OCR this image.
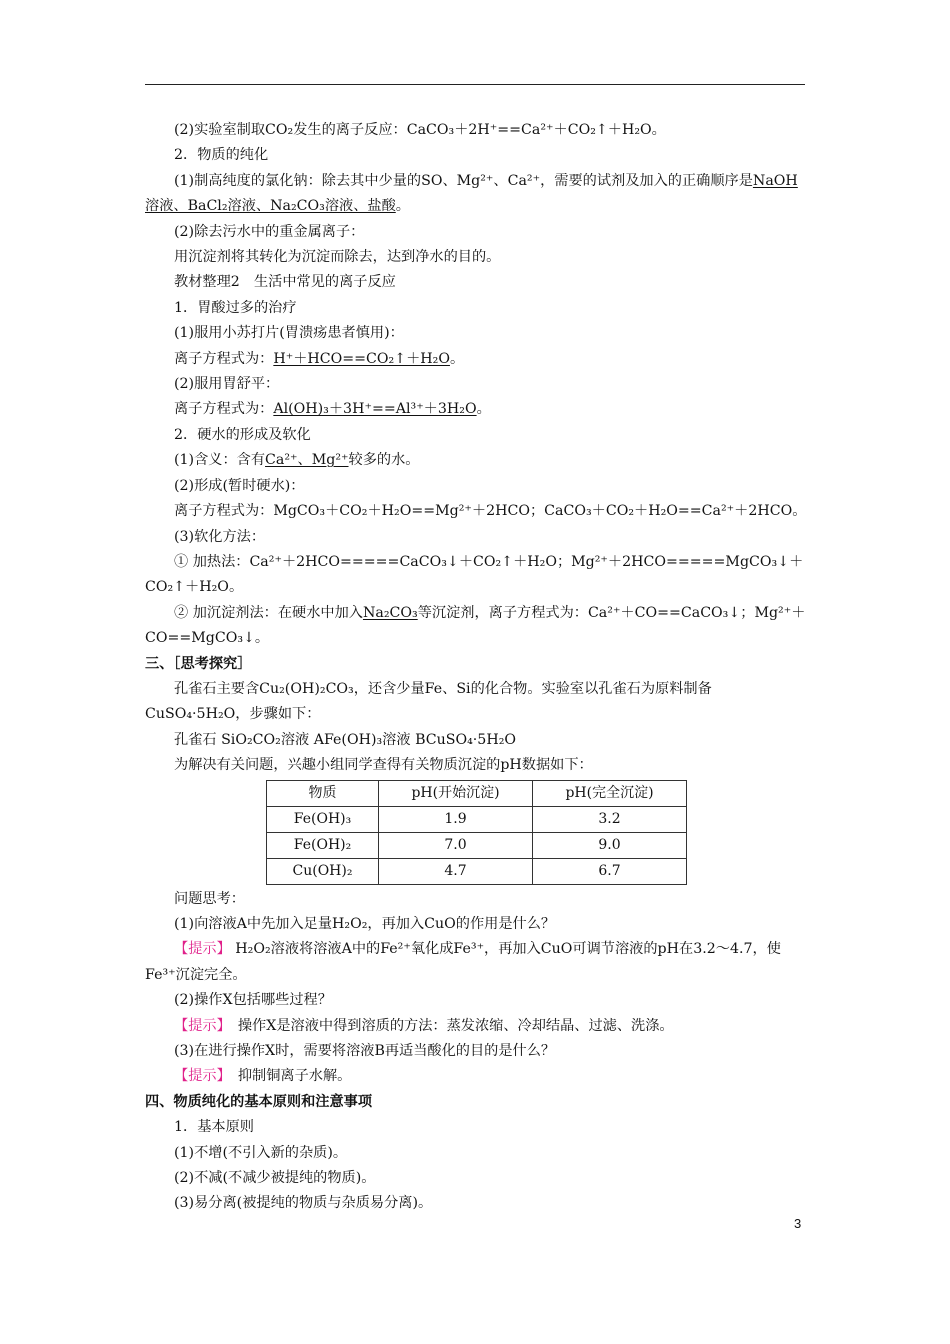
(2)实验室制取CO₂发生的离子反应：CaCO₃＋2H⁺==Ca²⁺＋CO₂↑＋H₂O。
2．物质的纯化
(1)制高纯度的氯化钠：除去其中少量的SO、Mg²⁺、Ca²⁺，需要的试剂及加入的正确顺序是NaOH溶液、BaCl₂溶液、Na₂CO₃溶液、盐酸。
(2)除去污水中的重金属离子：
用沉淀剂将其转化为沉淀而除去，达到净水的目的。
教材整理2　生活中常见的离子反应
1．胃酸过多的治疗
(1)服用小苏打片(胃溃疡患者慎用)：
离子方程式为：H⁺＋HCO==CO₂↑＋H₂O。
(2)服用胃舒平：
离子方程式为：Al(OH)₃＋3H⁺==Al³⁺＋3H₂O。
2．硬水的形成及软化
(1)含义：含有Ca²⁺、Mg²⁺较多的水。
(2)形成(暂时硬水)：
离子方程式为：MgCO₃＋CO₂＋H₂O==Mg²⁺＋2HCO；CaCO₃＋CO₂＋H₂O==Ca²⁺＋2HCO。
(3)软化方法：
① 加热法：Ca²⁺＋2HCO=====CaCO₃↓＋CO₂↑＋H₂O；Mg²⁺＋2HCO=====MgCO₃↓＋CO₂↑＋H₂O。
② 加沉淀剂法：在硬水中加入Na₂CO₃等沉淀剂，离子方程式为：Ca²⁺＋CO==CaCO₃↓；Mg²⁺＋CO==MgCO₃↓。
三、［思考探究］
孔雀石主要含Cu₂(OH)₂CO₃，还含少量Fe、Si的化合物。实验室以孔雀石为原料制备CuSO₄·5H₂O，步骤如下：
孔雀石 SiO₂CO₂溶液 AFe(OH)₃溶液 BCuSO₄·5H₂O
为解决有关问题，兴趣小组同学查得有关物质沉淀的pH数据如下：
物质	pH(开始沉淀)	pH(完全沉淀)
Fe(OH)₃	1.9	3.2
Fe(OH)₂	7.0	9.0
Cu(OH)₂	4.7	6.7
问题思考：
(1)向溶液A中先加入足量H₂O₂，再加入CuO的作用是什么？
【提示】 H₂O₂溶液将溶液A中的Fe²⁺氧化成Fe³⁺，再加入CuO可调节溶液的pH在3.2～4.7，使Fe³⁺沉淀完全。
(2)操作X包括哪些过程？
【提示】　 操作X是溶液中得到溶质的方法：蒸发浓缩、冷却结晶、过滤、洗涤。
(3)在进行操作X时，需要将溶液B再适当酸化的目的是什么？
【提示】　 抑制铜离子水解。
四、物质纯化的基本原则和注意事项
1．基本原则
(1)不增(不引入新的杂质)。
(2)不减(不减少被提纯的物质)。
(3)易分离(被提纯的物质与杂质易分离)。
3
